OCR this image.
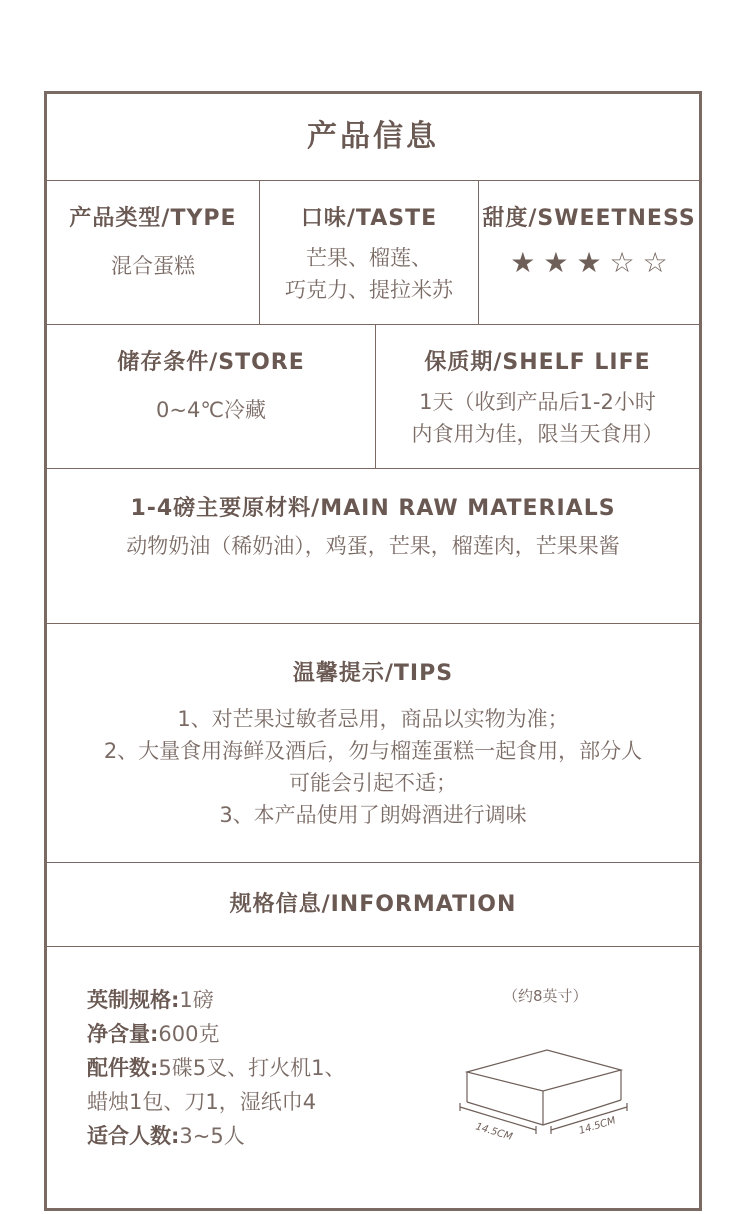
产品信息
产品类型/TYPE
混合蛋糕
口味/TASTE
芒果、榴莲、
巧克力、提拉米苏
甜度/SWEETNESS
★ ★ ★ ☆ ☆
储存条件/STORE
0~4℃冷藏
保质期/SHELF LIFE
1天（收到产品后1-2小时
内食用为佳，限当天食用）
1-4磅主要原材料/MAIN RAW MATERIALS
动物奶油（稀奶油），鸡蛋，芒果，榴莲肉，芒果果酱
温馨提示/TIPS
1、对芒果过敏者忌用，商品以实物为准；
2、大量食用海鲜及酒后，勿与榴莲蛋糕一起食用，部分人
可能会引起不适；
3、本产品使用了朗姆酒进行调味
规格信息/INFORMATION
英制规格:1磅
净含量:600克
配件数:5碟5叉、打火机1、
蜡烛1包、刀1，湿纸巾4
适合人数:3~5人
（约8英寸）
14.5CM	14.5CM
